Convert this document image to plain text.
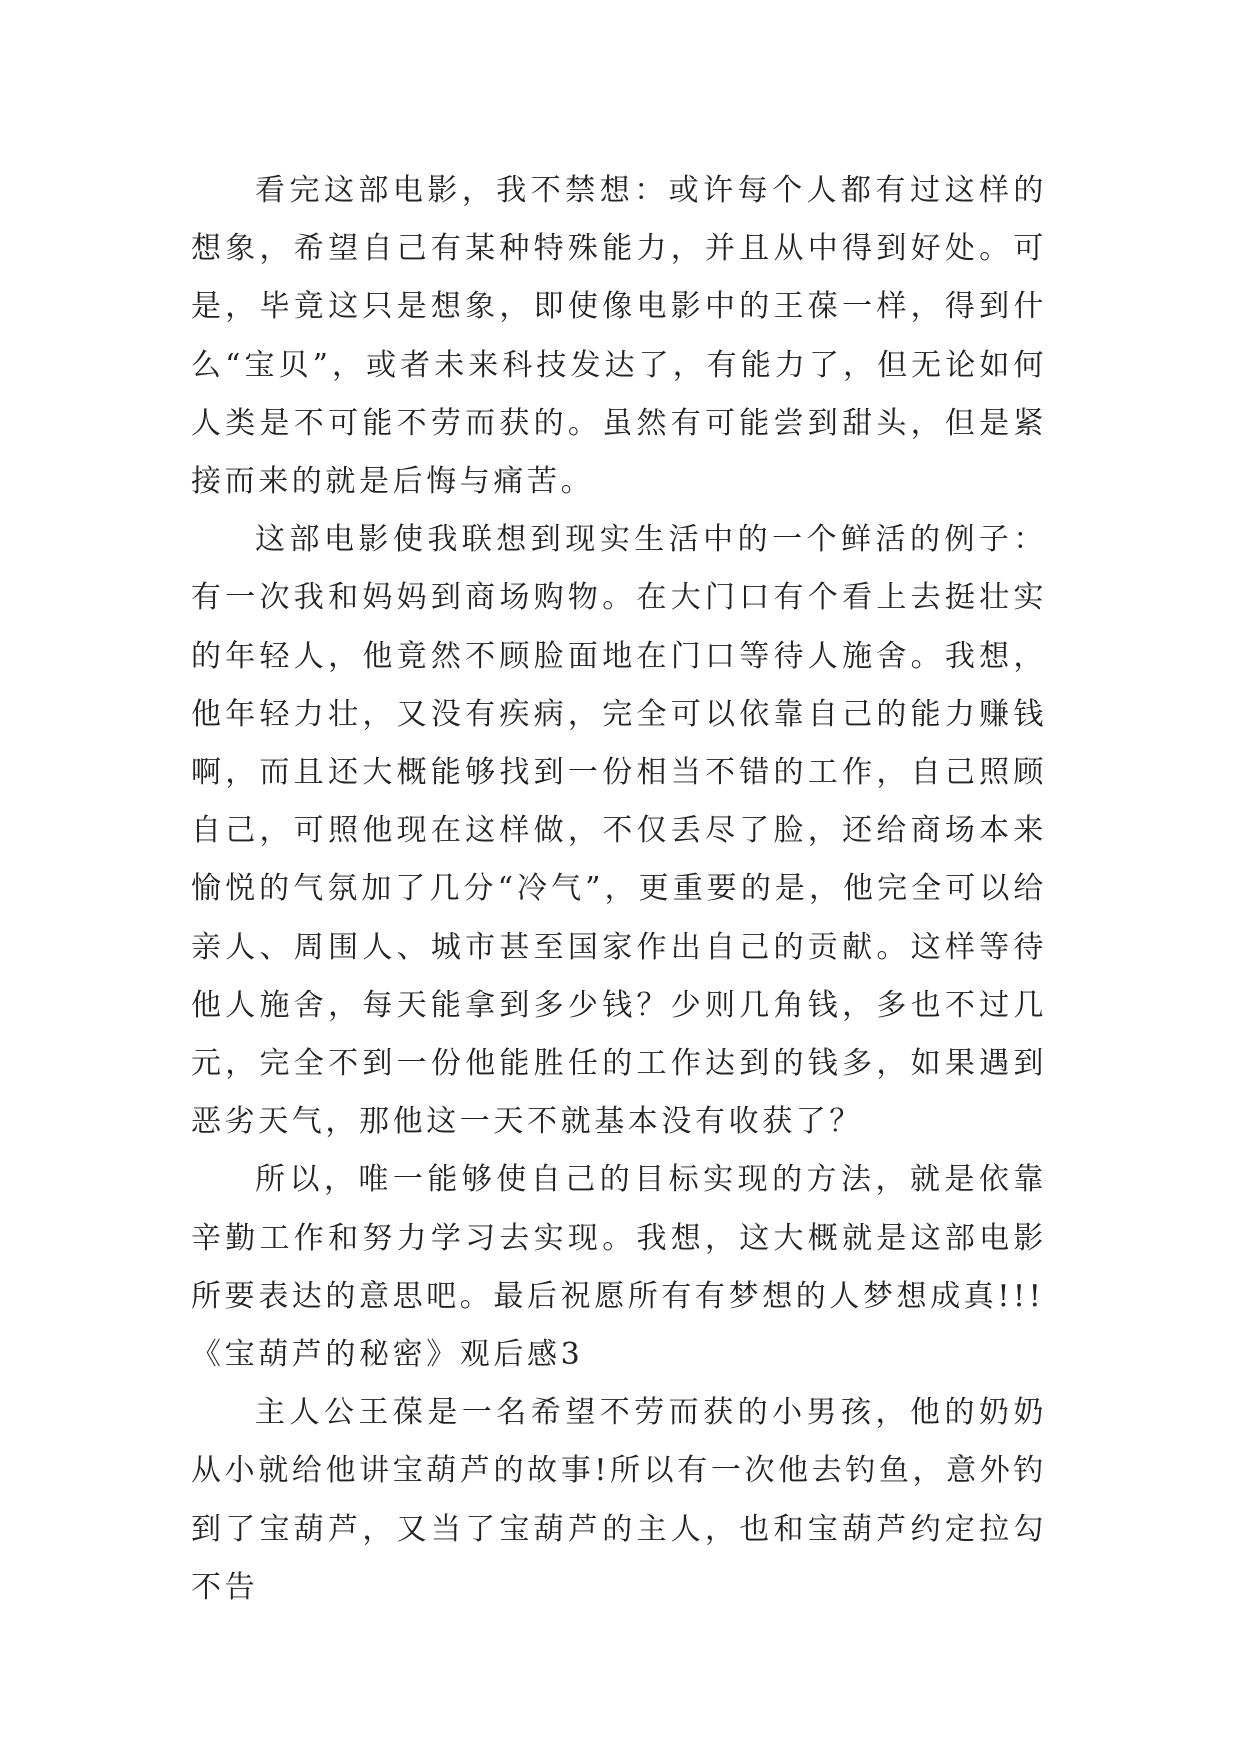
看完这部电影，我不禁想：或许每个人都有过这样的想象，希望自己有某种特殊能力，并且从中得到好处。可是，毕竟这只是想象，即使像电影中的王葆一样，得到什么“宝贝”，或者未来科技发达了，有能力了，但无论如何人类是不可能不劳而获的。虽然有可能尝到甜头，但是紧接而来的就是后悔与痛苦。

这部电影使我联想到现实生活中的一个鲜活的例子：有一次我和妈妈到商场购物。在大门口有个看上去挺壮实的年轻人，他竟然不顾脸面地在门口等待人施舍。我想，他年轻力壮，又没有疾病，完全可以依靠自己的能力赚钱啊，而且还大概能够找到一份相当不错的工作，自己照顾自己，可照他现在这样做，不仅丢尽了脸，还给商场本来愉悦的气氛加了几分“冷气”，更重要的是，他完全可以给亲人、周围人、城市甚至国家作出自己的贡献。这样等待他人施舍，每天能拿到多少钱？少则几角钱，多也不过几元，完全不到一份他能胜任的工作达到的钱多，如果遇到恶劣天气，那他这一天不就基本没有收获了？

所以，唯一能够使自己的目标实现的方法，就是依靠辛勤工作和努力学习去实现。我想，这大概就是这部电影所要表达的意思吧。最后祝愿所有有梦想的人梦想成真!!!

《宝葫芦的秘密》观后感3

主人公王葆是一名希望不劳而获的小男孩，他的奶奶从小就给他讲宝葫芦的故事!所以有一次他去钓鱼，意外钓到了宝葫芦，又当了宝葫芦的主人，也和宝葫芦约定拉勾不告
